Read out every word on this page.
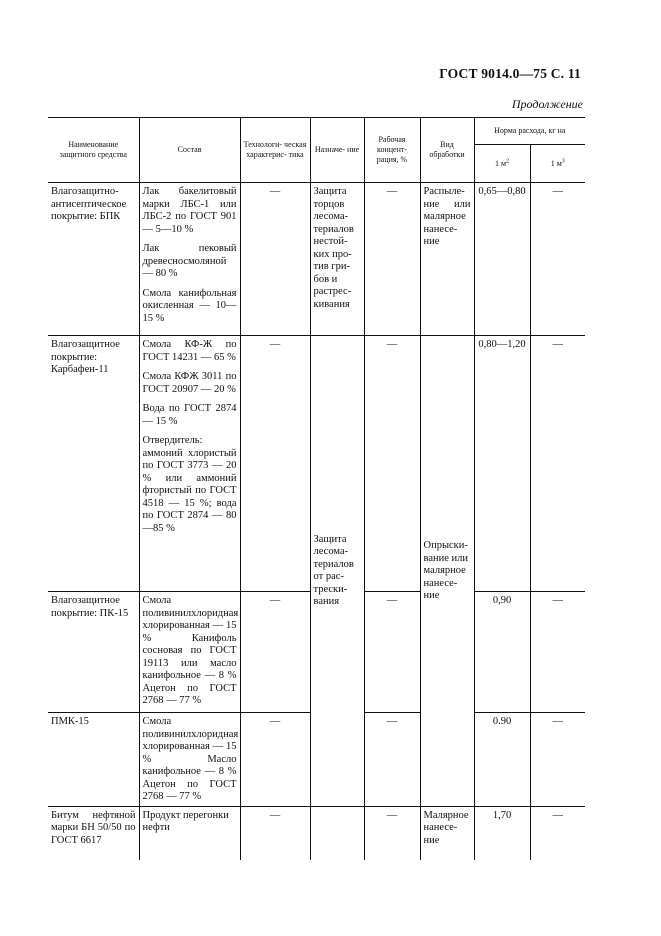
ГОСТ 9014.0—75 С. 11
Продолжение
Наименование защитного средства	Состав	Технологи- ческая характерис- тика	Назначе- ние	Рабочая концент- рация, %	Вид обработки	Норма расхода, кг на	
						1 $м^2$	1 $м^3$
Влагозащитно- антисептическое покрытие: БПК	Лак бакелитовый марки ЛБС-1 или ЛБС-2 по ГОСТ 901 — 5—10 %
Лак пековый древесносмоляной — 80 %
Смола канифольная окисленная — 10—15 %	—	Защита торцов лесома- териалов нестой- ких про- тив гри- бов и растрес- кивания	—	Распыле- ние или малярное нанесе- ние	0,65—0,80	—
Влагозащитное покрытие: Карбафен-11	Смола КФ-Ж по ГОСТ 14231 — 65 %
Смола КФЖ 3011 по ГОСТ 20907 — 20 %
Вода по ГОСТ 2874 — 15 %
Отвердитель: аммоний хлористый по ГОСТ 3773 — 20 % или аммоний фтористый по ГОСТ 4518 — 15 %; вода по ГОСТ 2874 — 80—85 %	—	Защита лесома- териалов от рас- трески- вания	—	Опрыски- вание или малярное нанесе- ние	0,80—1,20	—
Влагозащитное покрытие: ПК-15	Смола поливинилхлоридная хлорированная — 15 % Канифоль сосновая по ГОСТ 19113 или масло канифольное — 8 % Ацетон по ГОСТ 2768 — 77 %	—		—		0,90	—
ПМК-15	Смола поливинилхлоридная хлорированная — 15 % Масло канифольное — 8 % Ацетон по ГОСТ 2768 — 77 %	—		—		0.90	—
Битум нефтяной марки БН 50/50 по ГОСТ 6617	Продукт перегонки нефти	—		—	Малярное нанесе- ние	1,70	—
